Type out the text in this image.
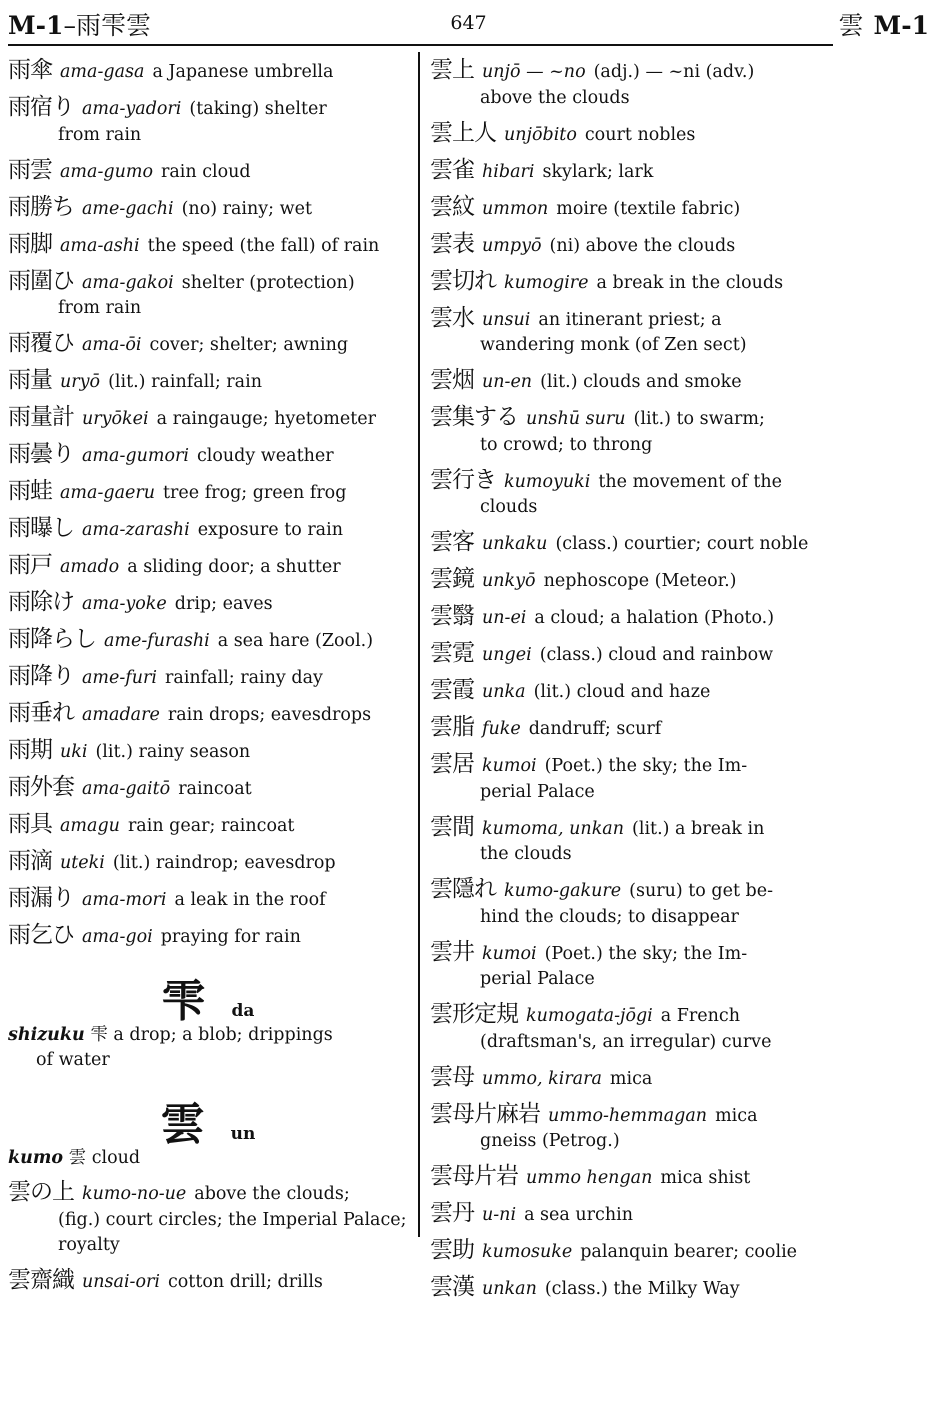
M-1–雨雫雲	647	雲 M-1
雨傘 ama-gasa a Japanese umbrella
雨宿り ama-yadori (taking) shelter
from rain
雨雲 ama-gumo rain cloud
雨勝ち ame-gachi (no) rainy; wet
雨脚 ama-ashi the speed (the fall) of rain
雨圍ひ ama-gakoi shelter (protection)
from rain
雨覆ひ ama-ōi cover; shelter; awning
雨量 uryō (lit.) rainfall; rain
雨量計 uryōkei a raingauge; hyetometer
雨曇り ama-gumori cloudy weather
雨蛙 ama-gaeru tree frog; green frog
雨曝し ama-zarashi exposure to rain
雨戸 amado a sliding door; a shutter
雨除け ama-yoke drip; eaves
雨降らし ame-furashi a sea hare (Zool.)
雨降り ame-furi rainfall; rainy day
雨垂れ amadare rain drops; eavesdrops
雨期 uki (lit.) rainy season
雨外套 ama-gaitō raincoat
雨具 amagu rain gear; raincoat
雨滴 uteki (lit.) raindrop; eavesdrop
雨漏り ama-mori a leak in the roof
雨乞ひ ama-goi praying for rain
雫 da
shizuku 雫 a drop; a blob; drippings
of water
雲 un
kumo 雲 cloud
雲の上 kumo-no-ue above the clouds;
(fig.) court circles; the Imperial Palace; royalty
雲齋織 unsai-ori cotton drill; drills
雲上 unjō — ~no (adj.) — ~ni (adv.)
above the clouds
雲上人 unjōbito court nobles
雲雀 hibari skylark; lark
雲紋 ummon moire (textile fabric)
雲表 umpyō (ni) above the clouds
雲切れ kumogire a break in the clouds
雲水 unsui an itinerant priest; a
wandering monk (of Zen sect)
雲烟 un-en (lit.) clouds and smoke
雲集する unshū suru (lit.) to swarm;
to crowd; to throng
雲行き kumoyuki the movement of the
clouds
雲客 unkaku (class.) courtier; court noble
雲鏡 unkyō nephoscope (Meteor.)
雲翳 un-ei a cloud; a halation (Photo.)
雲霓 ungei (class.) cloud and rainbow
雲霞 unka (lit.) cloud and haze
雲脂 fuke dandruff; scurf
雲居 kumoi (Poet.) the sky; the Im-
perial Palace
雲間 kumoma, unkan (lit.) a break in
the clouds
雲隱れ kumo-gakure (suru) to get be-
hind the clouds; to disappear
雲井 kumoi (Poet.) the sky; the Im-
perial Palace
雲形定規 kumogata-jōgi a French
(draftsman's, an irregular) curve
雲母 ummo, kirara mica
雲母片麻岩 ummo-hemmagan mica
gneiss (Petrog.)
雲母片岩 ummo hengan mica shist
雲丹 u-ni a sea urchin
雲助 kumosuke palanquin bearer; coolie
雲漢 unkan (class.) the Milky Way
